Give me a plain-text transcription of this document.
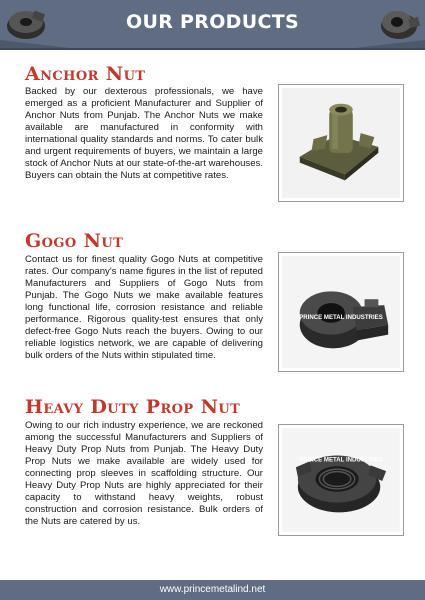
OUR PRODUCTS
Anchor Nut
Backed by our dexterous professionals, we have emerged as a proficient Manufacturer and Supplier of Anchor Nuts from Punjab. The Anchor Nuts we make available are manufactured in conformity with international quality standards and norms. To cater bulk and urgent requirements of buyers, we maintain a large stock of Anchor Nuts at our state-of-the-art warehouses. Buyers can obtain the Nuts at competitive rates.
Gogo Nut
Contact us for finest quality Gogo Nuts at competitive rates. Our company's name figures in the list of reputed Manufacturers and Suppliers of Gogo Nuts from Punjab. The Gogo Nuts we make available features long functional life, corrosion resistance and reliable performance. Rigorous quality-test ensures that only defect-free Gogo Nuts reach the buyers. Owing to our reliable logistics network, we are capable of delivering bulk orders of the Nuts within stipulated time.
PRINCE METAL INDUSTRIES
Heavy Duty Prop Nut
Owing to our rich industry experience, we are reckoned among the successful Manufacturers and Suppliers of Heavy Duty Prop Nuts from Punjab. The Heavy Duty Prop Nuts we make available are widely used for connecting prop sleeves in scaffolding structure. Our Heavy Duty Prop Nuts are highly appreciated for their capacity to withstand heavy weights, robust construction and corrosion resistance. Bulk orders of the Nuts are catered by us.
PRINCE METAL INDUSTRIES
www.princemetalind.net
